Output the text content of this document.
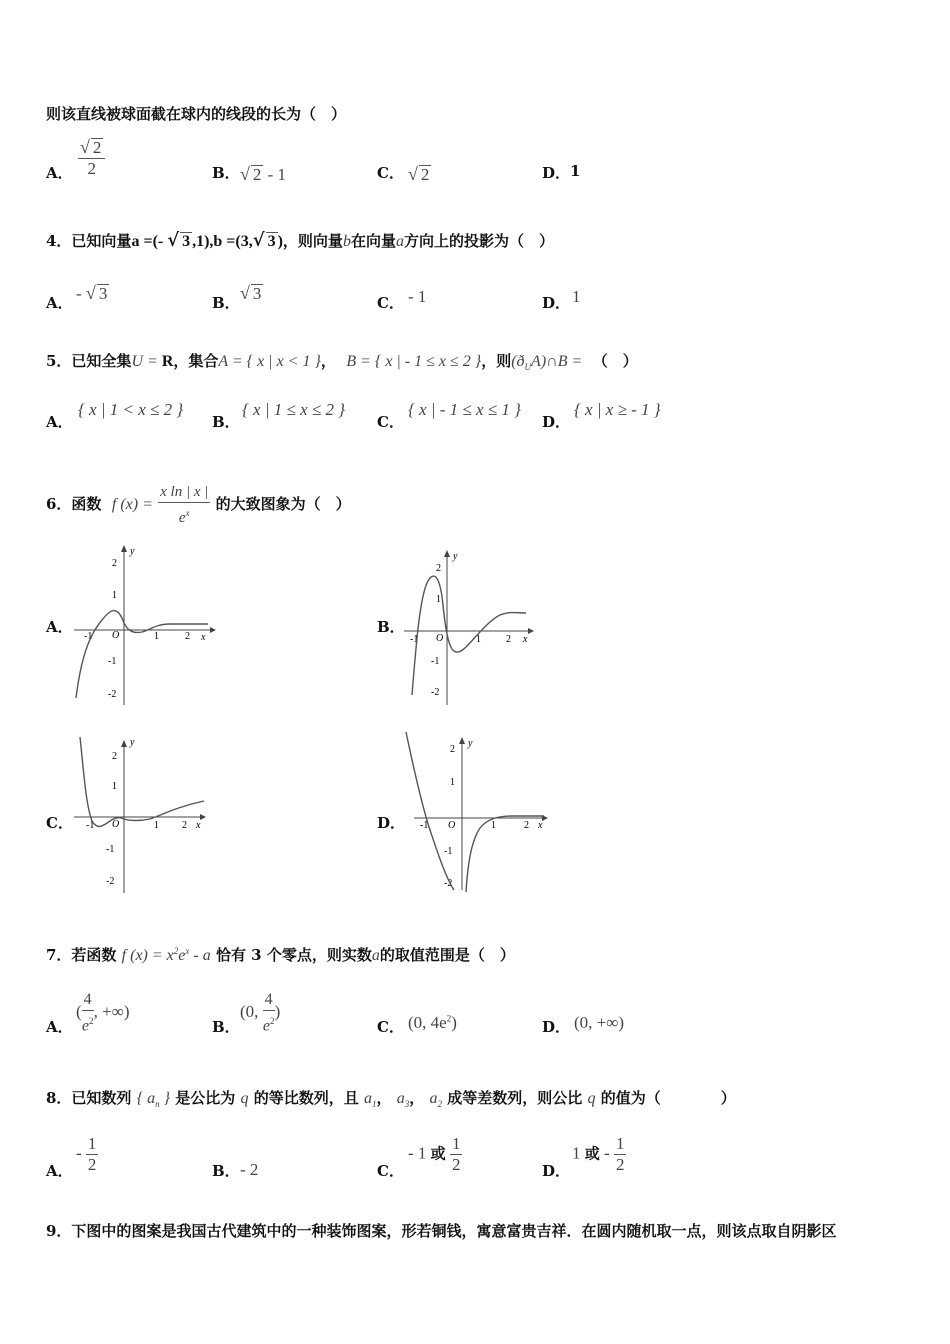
则该直线被球面截在球内的线段的长为（　）
A． $\frac{√ 2}{2}$	B． √ 2 - 1	C． √ 2	D． 1
4．已知向量a =(- √ 3 ,1),b =(3,√ 3 )，则向量b在向量a方向上的投影为（　）
A． - √ 3	B． √ 3	C． - 1	D． 1
5．已知全集U = R，集合A = { x | x < 1 }， B = { x | - 1 ≤ x ≤ 2 }，则$(ð_UA)\cap B$ = （　）
A．
{ x | 1 < x ≤ 2 }
B．
{ x | 1 ≤ x ≤ 2 }
C．
{ x | - 1 ≤ x ≤ 1 }
D．
{ x | x ≥ - 1 }
6．函数 f $(x) = \frac{\text{x ln | x |}}{e^x}$ 的大致图象为（　）
A．	B．
C．	D．
y
x
O
2
1
-1
-2
-1	1	2
y
x
O
2
1
-1
-2
-1	1	2
y
x
O
2
1
-1
-2
-1	1 2
y
x
O
2
1
-1
-2
-1	1	2
7．若函数 f $(x) = x^2e^x - a$ 恰有 3 个零点，则实数a的取值范围是（　）
A．
( $\frac{4}{e^2}$ , +∞)
B．
(0, $\frac{4}{e^2}$ )
C． (0, $4e^2$)	D． (0, +∞)
8．已知数列 { $a_n$ } 是公比为 q 的等比数列，且 $a_1$， $a_3$， $a_2$ 成等差数列，则公比 q 的值为（　　　　）
A．
- $\frac{1}{2}$	B． - 2	C．
- 1 或 $\frac{1}{2}$	D．
1 或 - $\frac{1}{2}$
9．下图中的图案是我国古代建筑中的一种装饰图案，形若铜钱，寓意富贵吉祥．在圆内随机取一点，则该点取自阴影区
